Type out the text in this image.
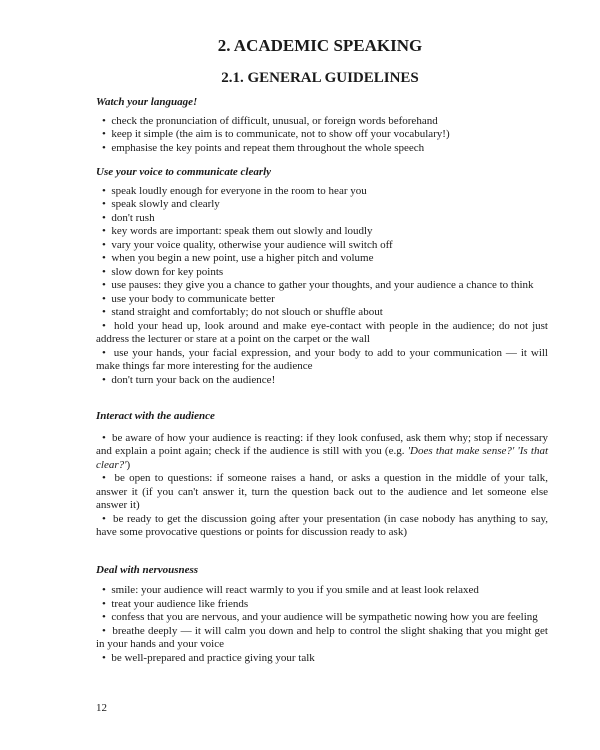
2. ACADEMIC SPEAKING
2.1. GENERAL GUIDELINES
Watch your language!
•  check the pronunciation of difficult, unusual, or foreign words beforehand
•  keep it simple (the aim is to communicate, not to show off your vocabulary!)
•  emphasise the key points and repeat them throughout the whole speech
Use your voice to communicate clearly
•  speak loudly enough for everyone in the room to hear you
•  speak slowly and clearly
•  don't rush
•  key words are important: speak them out slowly and loudly
•  vary your voice quality, otherwise your audience will switch off
•  when you begin a new point, use a higher pitch and volume
•  slow down for key points
•  use pauses: they give you a chance to gather your thoughts, and your audience a chance to think
•  use your body to communicate better
•  stand straight and comfortably; do not slouch or shuffle about
•  hold your head up, look around and make eye-contact with people in the audience; do not just address the lecturer or stare at a point on the carpet or the wall
•  use your hands, your facial expression, and your body to add to your communication — it will make things far more interesting for the audience
•  don't turn your back on the audience!
Interact with the audience
•  be aware of how your audience is reacting: if they look confused, ask them why; stop if necessary and explain a point again; check if the audience is still with you (e.g. 'Does that make sense?' 'Is that clear?')
•  be open to questions: if someone raises a hand, or asks a question in the middle of your talk, answer it (if you can't answer it, turn the question back out to the audience and let someone else answer it)
•  be ready to get the discussion going after your presentation (in case nobody has anything to say, have some provocative questions or points for discussion ready to ask)
Deal with nervousness
•  smile: your audience will react warmly to you if you smile and at least look relaxed
•  treat your audience like friends
•  confess that you are nervous, and your audience will be sympathetic nowing how you are feeling
•  breathe deeply — it will calm you down and help to control the slight shaking that you might get in your hands and your voice
•  be well-prepared and practice giving your talk
12
